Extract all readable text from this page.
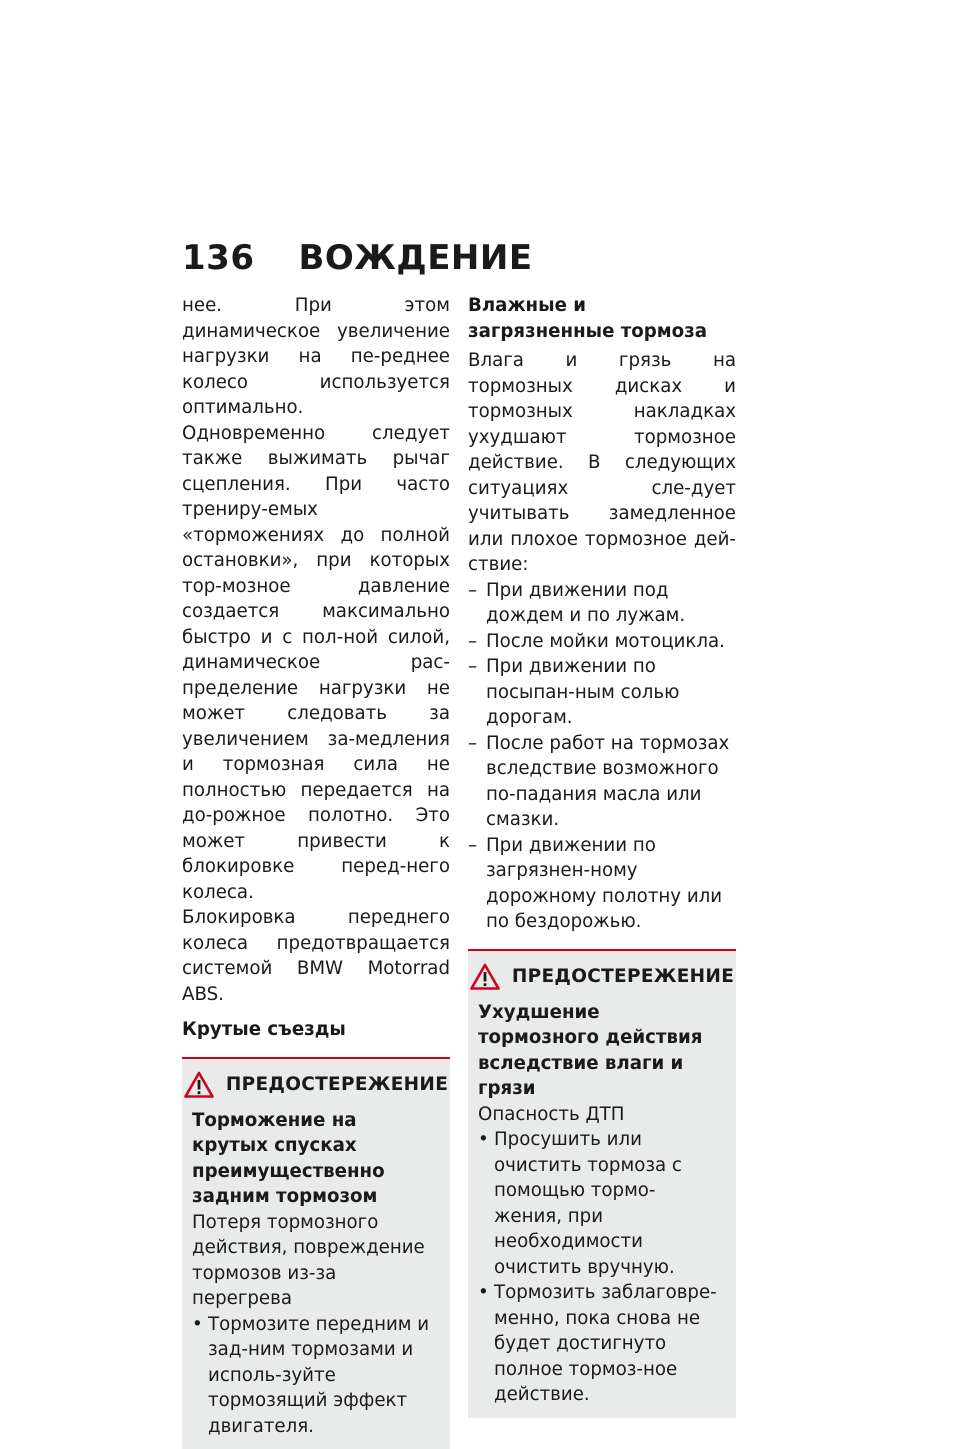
136 ВОЖДЕНИЕ

нее. При этом динамическое увеличение нагрузки на пе-реднее колесо используется оптимально. Одновременно следует также выжимать рычаг сцепления. При часто трениру-емых «торможениях до полной остановки», при которых тор-мозное давление создается максимально быстро и с пол-ной силой, динамическое рас-пределение нагрузки не может следовать за увеличением за-медления и тормозная сила не полностью передается на до-рожное полотно. Это может привести к блокировке перед-него колеса.

Блокировка переднего колеса предотвращается системой BMW Motorrad ABS.

Крутые съезды
ПРЕДОСТЕРЕЖЕНИЕ

Торможение на крутых спусках преимущественно задним тормозом

Потеря тормозного действия, повреждение тормозов из-за перегрева

• Тормозите передним и зад-ним тормозами и исполь-зуйте тормозящий эффект двигателя.
Влажные и загрязненные тормоза

Влага и грязь на тормозных дисках и тормозных накладках ухудшают тормозное действие. В следующих ситуациях сле-дует учитывать замедленное или плохое тормозное дей-ствие:

– При движении под дождем и по лужам.
– После мойки мотоцикла.
– При движении по посыпан-ным солью дорогам.
– После работ на тормозах вследствие возможного по-падания масла или смазки.
– При движении по загрязнен-ному дорожному полотну или по бездорожью.
ПРЕДОСТЕРЕЖЕНИЕ

Ухудшение тормозного действия вследствие влаги и грязи

Опасность ДТП

• Просушить или очистить тормоза с помощью тормо-жения, при необходимости очистить вручную.
• Тормозить заблаговре-менно, пока снова не будет достигнуто полное тормоз-ное действие.
